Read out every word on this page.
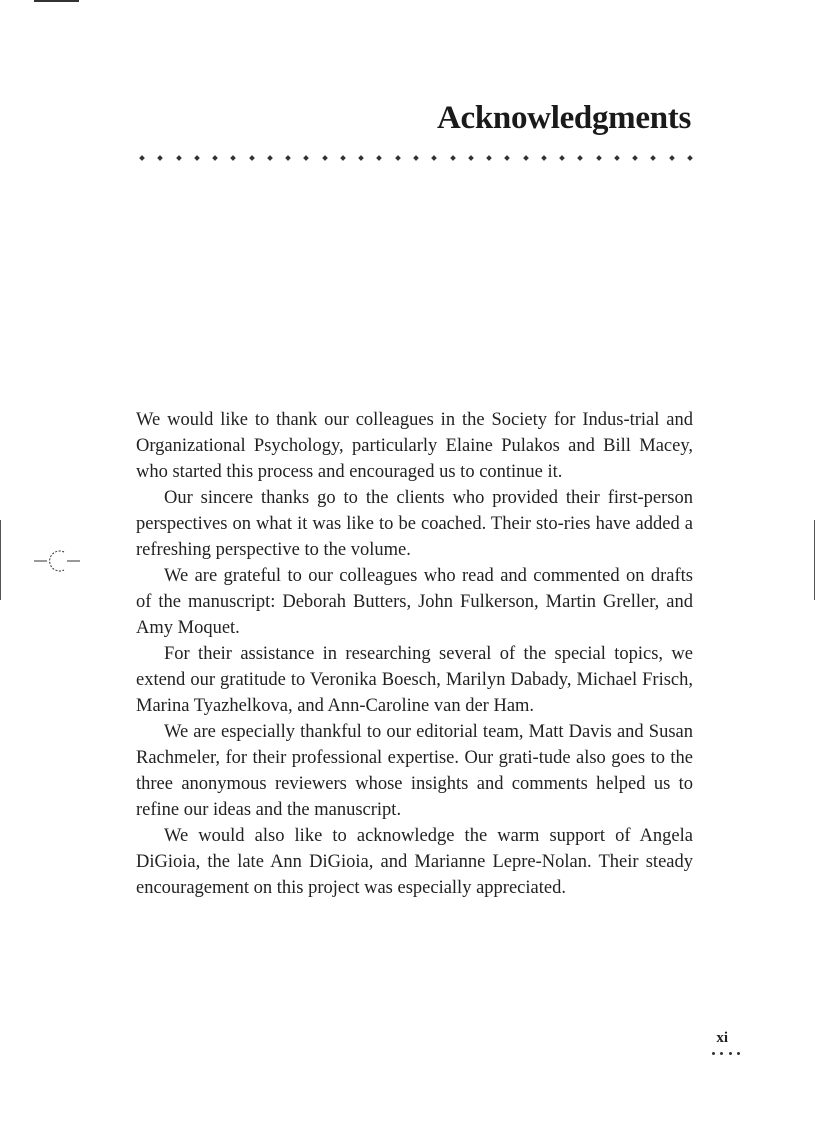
Acknowledgments

We would like to thank our colleagues in the Society for Indus-trial and Organizational Psychology, particularly Elaine Pulakos and Bill Macey, who started this process and encouraged us to continue it.

Our sincere thanks go to the clients who provided their first-person perspectives on what it was like to be coached. Their sto-ries have added a refreshing perspective to the volume.

We are grateful to our colleagues who read and commented on drafts of the manuscript: Deborah Butters, John Fulkerson, Martin Greller, and Amy Moquet.

For their assistance in researching several of the special topics, we extend our gratitude to Veronika Boesch, Marilyn Dabady, Michael Frisch, Marina Tyazhelkova, and Ann-Caroline van der Ham.

We are especially thankful to our editorial team, Matt Davis and Susan Rachmeler, for their professional expertise. Our grati-tude also goes to the three anonymous reviewers whose insights and comments helped us to refine our ideas and the manuscript.

We would also like to acknowledge the warm support of Angela DiGioia, the late Ann DiGioia, and Marianne Lepre-Nolan. Their steady encouragement on this project was especially appreciated.

xi
